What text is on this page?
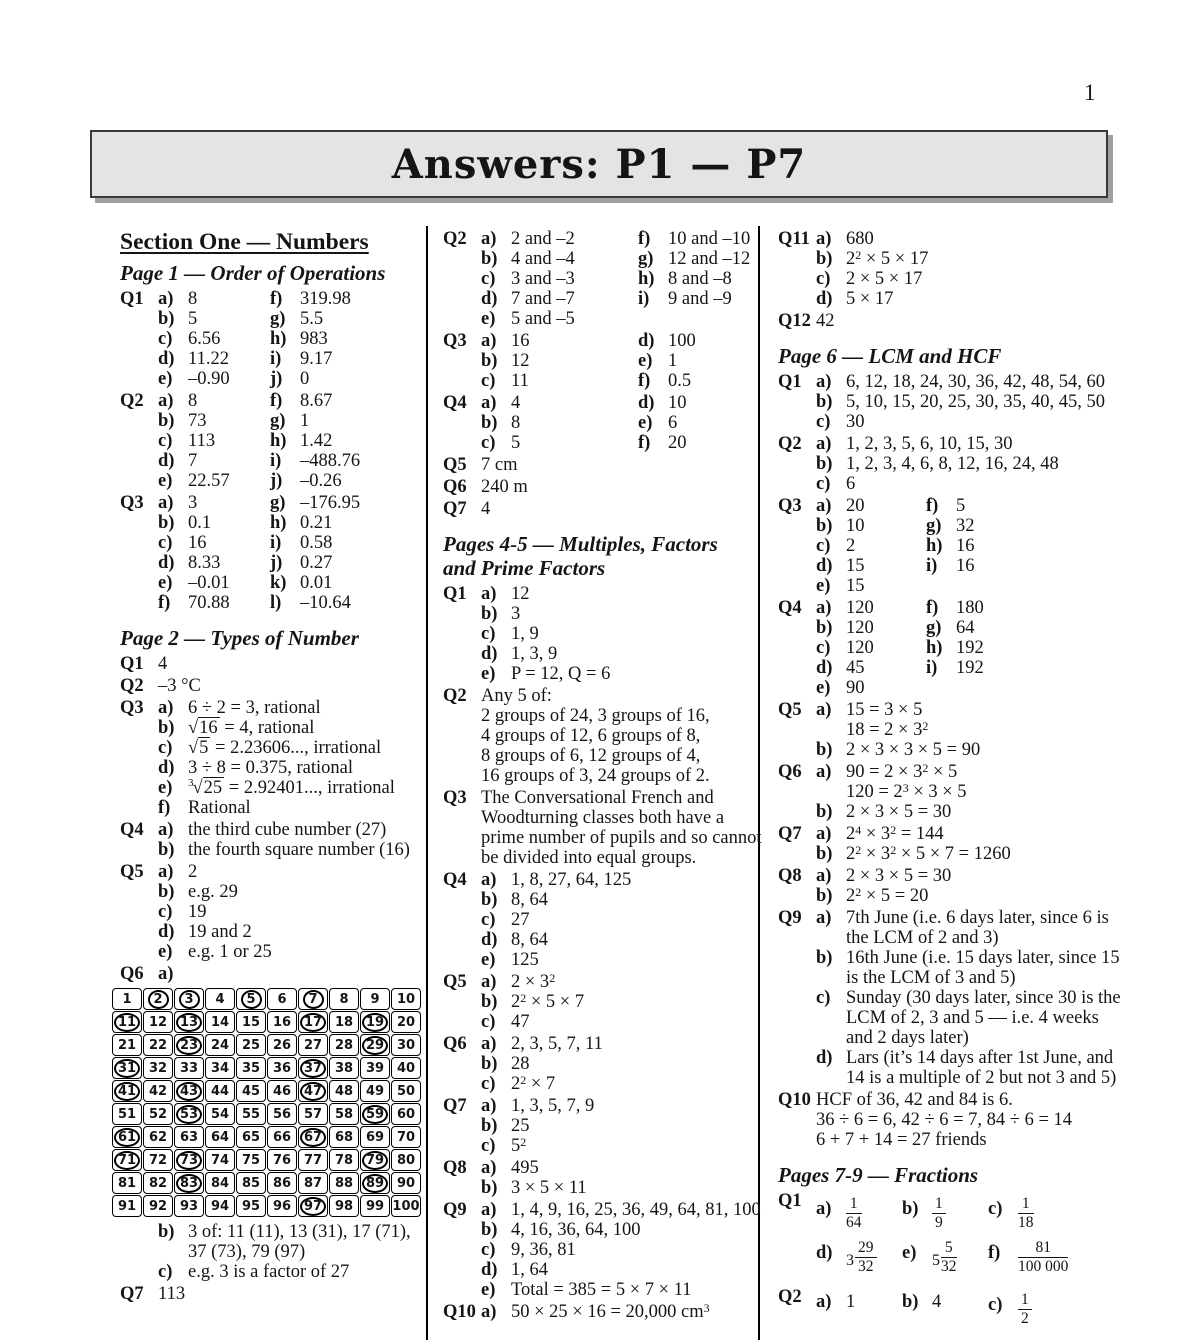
1
Answers: P1 — P7
Section One — Numbers
Page 1 — Order of Operations
Q1 a) 8	f) 319.98
b) 5	g) 5.5
c) 6.56	h) 983
d) 11.22 i) 9.17
e) –0.90 j) 0
Q2 a) 8	f) 8.67
b) 73	g) 1
c) 113	h) 1.42
d) 7	i) –488.76
e) 22.57 j) –0.26
Q3 a) 3	g) –176.95
b) 0.1	h) 0.21
c) 16	i) 0.58
d) 8.33	j) 0.27
e) –0.01 k) 0.01
f) 70.88 l) –10.64
Page 2 — Types of Number
Q1 4
Q2 –3 °C
Q3 a) 6 ÷ 2 = 3, rational
b) √16 = 4, rational
c) √5 = 2.23606..., irrational
d) 3 ÷ 8 = 0.375, rational
e) $^3$√25 = 2.92401..., irrational
f) Rational
Q4 a) the third cube number (27)
b) the fourth square number (16)
Q5 a) 2
b) e.g. 29
c) 19
d) 19 and 2
e) e.g. 1 or 25
Q6 a)
1	2	3	4	5	6	7	8	9	10
11	12	13	14	15	16	17	18	19	20
21	22	23	24	25	26	27	28	29	30
31	32	33	34	35	36	37	38	39	40
41	42	43	44	45	46	47	48	49	50
51	52	53	54	55	56	57	58	59	60
61	62	63	64	65	66	67	68	69	70
71	72	73	74	75	76	77	78	79	80
81	82	83	84	85	86	87	88	89	90
91	92	93	94	95	96	97	98	99	100
b) 3 of: 11 (11), 13 (31), 17 (71),
37 (73), 79 (97)
c) e.g. 3 is a factor of 27
Q7 113
Q2 a) 2 and –2	f) 10 and –10
b) 4 and –4	g) 12 and –12
c) 3 and –3	h) 8 and –8
d) 7 and –7	i) 9 and –9
e) 5 and –5
Q3 a) 16	d) 100
b) 12	e) 1
c) 11	f) 0.5
Q4 a) 4	d) 10
b) 8	e) 6
c) 5	f) 20
Q5 7 cm
Q6 240 m
Q7 4
Pages 4-5 — Multiples, Factors and Prime Factors
Q1 a) 12
b) 3
c) 1, 9
d) 1, 3, 9
e) P = 12, Q = 6
Q2 Any 5 of:
2 groups of 24, 3 groups of 16,
4 groups of 12, 6 groups of 8,
8 groups of 6, 12 groups of 4,
16 groups of 3, 24 groups of 2.
Q3 The Conversational French and
Woodturning classes both have a
prime number of pupils and so cannot
be divided into equal groups.
Q4 a) 1, 8, 27, 64, 125
b) 8, 64
c) 27
d) 8, 64
e) 125
Q5 a) $2 \times 3^2$
b) $2^2 \times 5 \times 7$
c) 47
Q6 a) 2, 3, 5, 7, 11
b) 28
c) $2^2 \times 7$
Q7 a) 1, 3, 5, 7, 9
b) 25
c) $5^2$
Q8 a) 495
b) 3 × 5 × 11
Q9 a) 1, 4, 9, 16, 25, 36, 49, 64, 81, 100
b) 4, 16, 36, 64, 100
c) 9, 36, 81
d) 1, 64
e) Total = 385 = 5 × 7 × 11
Q10 a) 50 × 25 × 16 = 20,000 $cm^3$
Q11 a) 680
b) $2^2 \times 5 \times 17$
c) 2 × 5 × 17
d) 5 × 17
Q12 42
Page 6 — LCM and HCF
Q1 a) 6, 12, 18, 24, 30, 36, 42, 48, 54, 60
b) 5, 10, 15, 20, 25, 30, 35, 40, 45, 50
c) 30
Q2 a) 1, 2, 3, 5, 6, 10, 15, 30
b) 1, 2, 3, 4, 6, 8, 12, 16, 24, 48
c) 6
Q3 a) 20	f) 5
b) 10	g) 32
c) 2	h) 16
d) 15	i) 16
e) 15
Q4 a) 120	f) 180
b) 120	g) 64
c) 120	h) 192
d) 45	i) 192
e) 90
Q5 a) 15 = 3 × 5
$18 = 2 \times 3^2$
b) 2 × 3 × 3 × 5 = 90
Q6 a) $90 = 2 \times 3^2 \times 5$
$120 = 2^3 \times 3 \times 5$
b) 2 × 3 × 5 = 30
Q7 a) $2^4 \times 3^2 = 144$
b) $2^2 \times 3^2 \times 5 \times 7 = 1260$
Q8 a) 2 × 3 × 5 = 30
b) $2^2 \times 5 = 20$
Q9 a) 7th June (i.e. 6 days later, since 6 is
the LCM of 2 and 3)
b) 16th June (i.e. 15 days later, since 15
is the LCM of 3 and 5)
c) Sunday (30 days later, since 30 is the
LCM of 2, 3 and 5 — i.e. 4 weeks
and 2 days later)
d) Lars (it’s 14 days after 1st June, and
14 is a multiple of 2 but not 3 and 5)
Q10 HCF of 36, 42 and 84 is 6.
36 ÷ 6 = 6, 42 ÷ 6 = 7, 84 ÷ 6 = 14
6 + 7 + 14 = 27 friends
Pages 7-9 — Fractions
Q1 $a) \frac{1}{64} b) \frac{1}{9} c) \frac{1}{18}$
d) $3 \frac{29}{32} e$) $5 \frac{5}{32} f) \frac{81}{100 000}$
Q2 a) 1	b) 4	$c) \frac{1}{2}$
